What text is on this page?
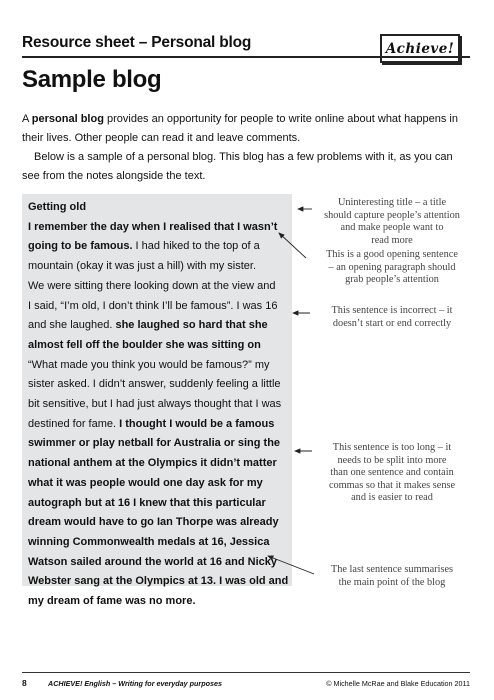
Resource sheet – Personal blog	Achieve!
Sample blog

A personal blog provides an opportunity for people to write online about what happens in their lives. Other people can read it and leave comments.

Below is a sample of a personal blog. This blog has a few problems with it, as you can see from the notes alongside the text.

Getting old
I remember the day when I realised that I wasn’t
going to be famous. I had hiked to the top of a
mountain (okay it was just a hill) with my sister.
We were sitting there looking down at the view and
I said, “I’m old, I don’t think I’ll be famous”. I was 16
and she laughed. she laughed so hard that she
almost fell off the boulder she was sitting on
“What made you think you would be famous?” my
sister asked. I didn’t answer, suddenly feeling a little
bit sensitive, but I had just always thought that I was
destined for fame. I thought I would be a famous
swimmer or play netball for Australia or sing the
national anthem at the Olympics it didn’t matter
what it was people would one day ask for my
autograph but at 16 I knew that this particular
dream would have to go Ian Thorpe was already
winning Commonwealth medals at 16, Jessica
Watson sailed around the world at 16 and Nicky
Webster sang at the Olympics at 13. I was old and
my dream of fame was no more.
Uninteresting title – a title
should capture people’s attention
and make people want to
read more
This is a good opening sentence
– an opening paragraph should
grab people’s attention
This sentence is incorrect – it
doesn’t start or end correctly
This sentence is too long – it
needs to be split into more
than one sentence and contain
commas so that it makes sense
and is easier to read
The last sentence summarises
the main point of the blog
8	ACHIEVE! English – Writing for everyday purposes	© Michelle McRae and Blake Education 2011
